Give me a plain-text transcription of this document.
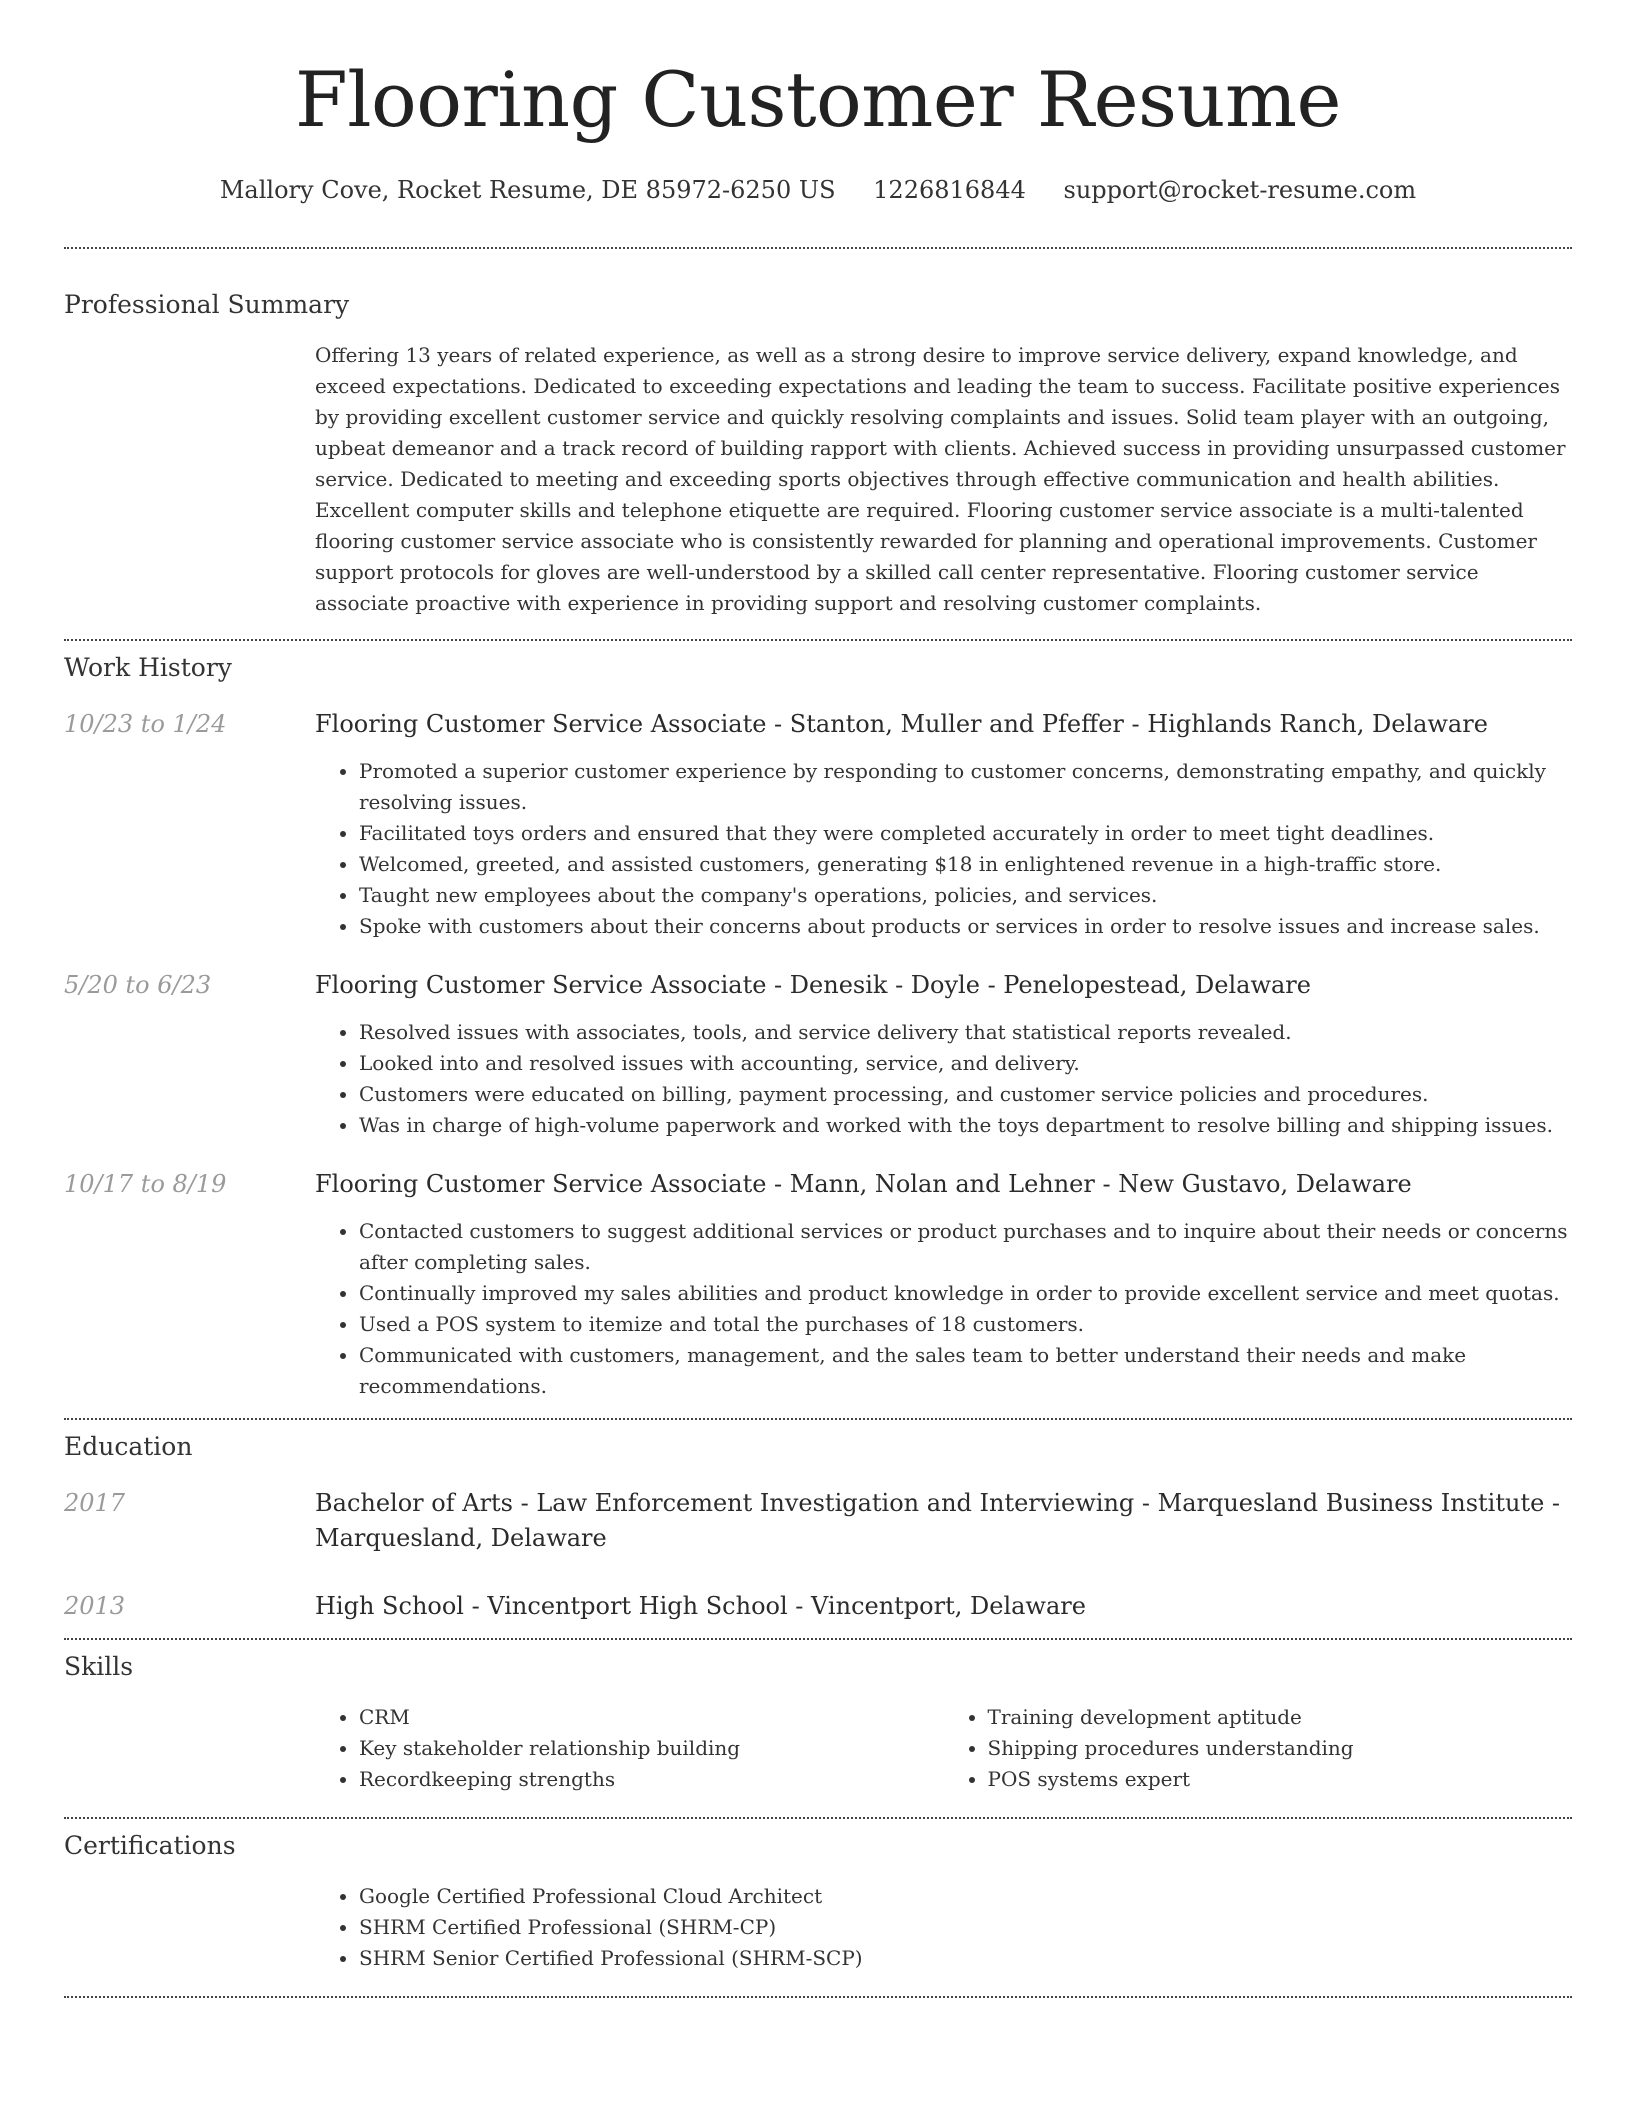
Flooring Customer Resume
Mallory Cove, Rocket Resume, DE 85972-6250 US 1226816844 support@rocket-resume.com
Professional Summary

Offering 13 years of related experience, as well as a strong desire to improve service delivery, expand knowledge, and exceed expectations. Dedicated to exceeding expectations and leading the team to success. Facilitate positive experiences by providing excellent customer service and quickly resolving complaints and issues. Solid team player with an outgoing, upbeat demeanor and a track record of building rapport with clients. Achieved success in providing unsurpassed customer service. Dedicated to meeting and exceeding sports objectives through effective communication and health abilities. Excellent computer skills and telephone etiquette are required. Flooring customer service associate is a multi-talented flooring customer service associate who is consistently rewarded for planning and operational improvements. Customer support protocols for gloves are well-understood by a skilled call center representative. Flooring customer service associate proactive with experience in providing support and resolving customer complaints.

Work History
10/23 to 1/24	Flooring Customer Service Associate - Stanton, Muller and Pfeffer - Highlands Ranch, Delaware

• Promoted a superior customer experience by responding to customer concerns, demonstrating empathy, and quickly resolving issues.
• Facilitated toys orders and ensured that they were completed accurately in order to meet tight deadlines.
• Welcomed, greeted, and assisted customers, generating $18 in enlightened revenue in a high-traffic store.
• Taught new employees about the company's operations, policies, and services.
• Spoke with customers about their concerns about products or services in order to resolve issues and increase sales.
5/20 to 6/23	Flooring Customer Service Associate - Denesik - Doyle - Penelopestead, Delaware

• Resolved issues with associates, tools, and service delivery that statistical reports revealed.
• Looked into and resolved issues with accounting, service, and delivery.
• Customers were educated on billing, payment processing, and customer service policies and procedures.
• Was in charge of high-volume paperwork and worked with the toys department to resolve billing and shipping issues.
10/17 to 8/19	Flooring Customer Service Associate - Mann, Nolan and Lehner - New Gustavo, Delaware

• Contacted customers to suggest additional services or product purchases and to inquire about their needs or concerns after completing sales.
• Continually improved my sales abilities and product knowledge in order to provide excellent service and meet quotas.
• Used a POS system to itemize and total the purchases of 18 customers.
• Communicated with customers, management, and the sales team to better understand their needs and make recommendations.
Education
2017	Bachelor of Arts - Law Enforcement Investigation and Interviewing - Marquesland Business Institute - Marquesland, Delaware

2013	High School - Vincentport High School - Vincentport, Delaware

Skills
• CRM
• Key stakeholder relationship building
• Recordkeeping strengths
• Training development aptitude
• Shipping procedures understanding
• POS systems expert
Certifications
• Google Certified Professional Cloud Architect
• SHRM Certified Professional (SHRM-CP)
• SHRM Senior Certified Professional (SHRM-SCP)
